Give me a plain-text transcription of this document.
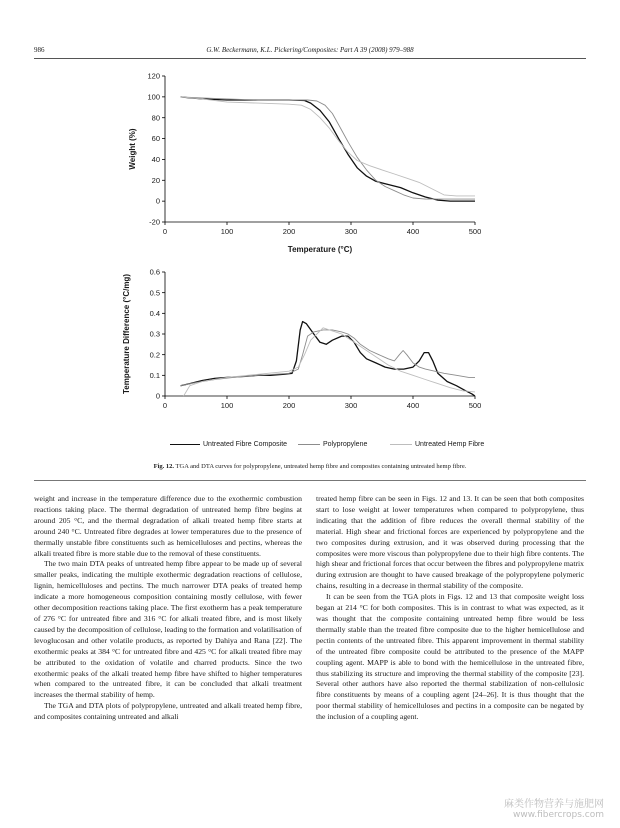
986	G.W. Beckermann, K.L. Pickering/Composites: Part A 39 (2008) 979–988
-20
0
20
40
60
80
100
120
0	100	200	300	400	500
Temperature (°C)
Weight (%)
0
0.1
0.2
0.3
0.4
0.5
0.6
0	100	200	300	400	500
Temperature Difference (°C/mg)
Untreated Fibre Composite	Polypropylene	Untreated Hemp Fibre
Fig. 12. TGA and DTA curves for polypropylene, untreated hemp fibre and composites containing untreated hemp fibre.

weight and increase in the temperature difference due to the exothermic combustion reactions taking place. The thermal degradation of untreated hemp fibre begins at around 205 °C, and the thermal degradation of alkali treated hemp fibre starts at around 240 °C. Untreated fibre degrades at lower temperatures due to the presence of thermally unstable fibre constituents such as hemicelluloses and pectins, whereas the alkali treated fibre is more stable due to the removal of these constituents.

The two main DTA peaks of untreated hemp fibre appear to be made up of several smaller peaks, indicating the multiple exothermic degradation reactions of cellulose, lignin, hemicelluloses and pectins. The much narrower DTA peaks of treated hemp indicate a more homogeneous composition containing mostly cellulose, with fewer other decomposition reactions taking place. The first exotherm has a peak temperature of 276 °C for untreated fibre and 316 °C for alkali treated fibre, and is most likely caused by the decomposition of cellulose, leading to the formation and volatilisation of levoglucosan and other volatile products, as reported by Dahiya and Rana [22]. The exothermic peaks at 384 °C for untreated fibre and 425 °C for alkali treated fibre may be attributed to the oxidation of volatile and charred products. Since the two exothermic peaks of the alkali treated hemp fibre have shifted to higher temperatures when compared to the untreated fibre, it can be concluded that alkali treatment increases the thermal stability of hemp.

The TGA and DTA plots of polypropylene, untreated and alkali treated hemp fibre, and composites containing untreated and alkali

treated hemp fibre can be seen in Figs. 12 and 13. It can be seen that both composites start to lose weight at lower temperatures when compared to polypropylene, thus indicating that the addition of fibre reduces the overall thermal stability of the material. High shear and frictional forces are experienced by polypropylene and the two composites during extrusion, and it was observed during processing that the composites were more viscous than polypropylene due to their high fibre contents. The high shear and frictional forces that occur between the fibres and polypropylene matrix during extrusion are thought to have caused breakage of the polypropylene polymeric chains, resulting in a decrease in thermal stability of the composite.

It can be seen from the TGA plots in Figs. 12 and 13 that composite weight loss began at 214 °C for both composites. This is in contrast to what was expected, as it was thought that the composite containing untreated hemp fibre would be less thermally stable than the treated fibre composite due to the higher hemicellulose and pectin contents of the untreated fibre. This apparent improvement in thermal stability of the untreated fibre composite could be attributed to the presence of the MAPP coupling agent. MAPP is able to bond with the hemicellulose in the untreated fibre, thus stabilizing its structure and improving the thermal stability of the composite [23]. Several other authors have also reported the thermal stabilization of non-cellulosic fibre constituents by means of a coupling agent [24–26]. It is thus thought that the poor thermal stability of hemicelluloses and pectins in a composite can be negated by the inclusion of a coupling agent.

麻类作物营养与施肥网
www.fibercrops.com
